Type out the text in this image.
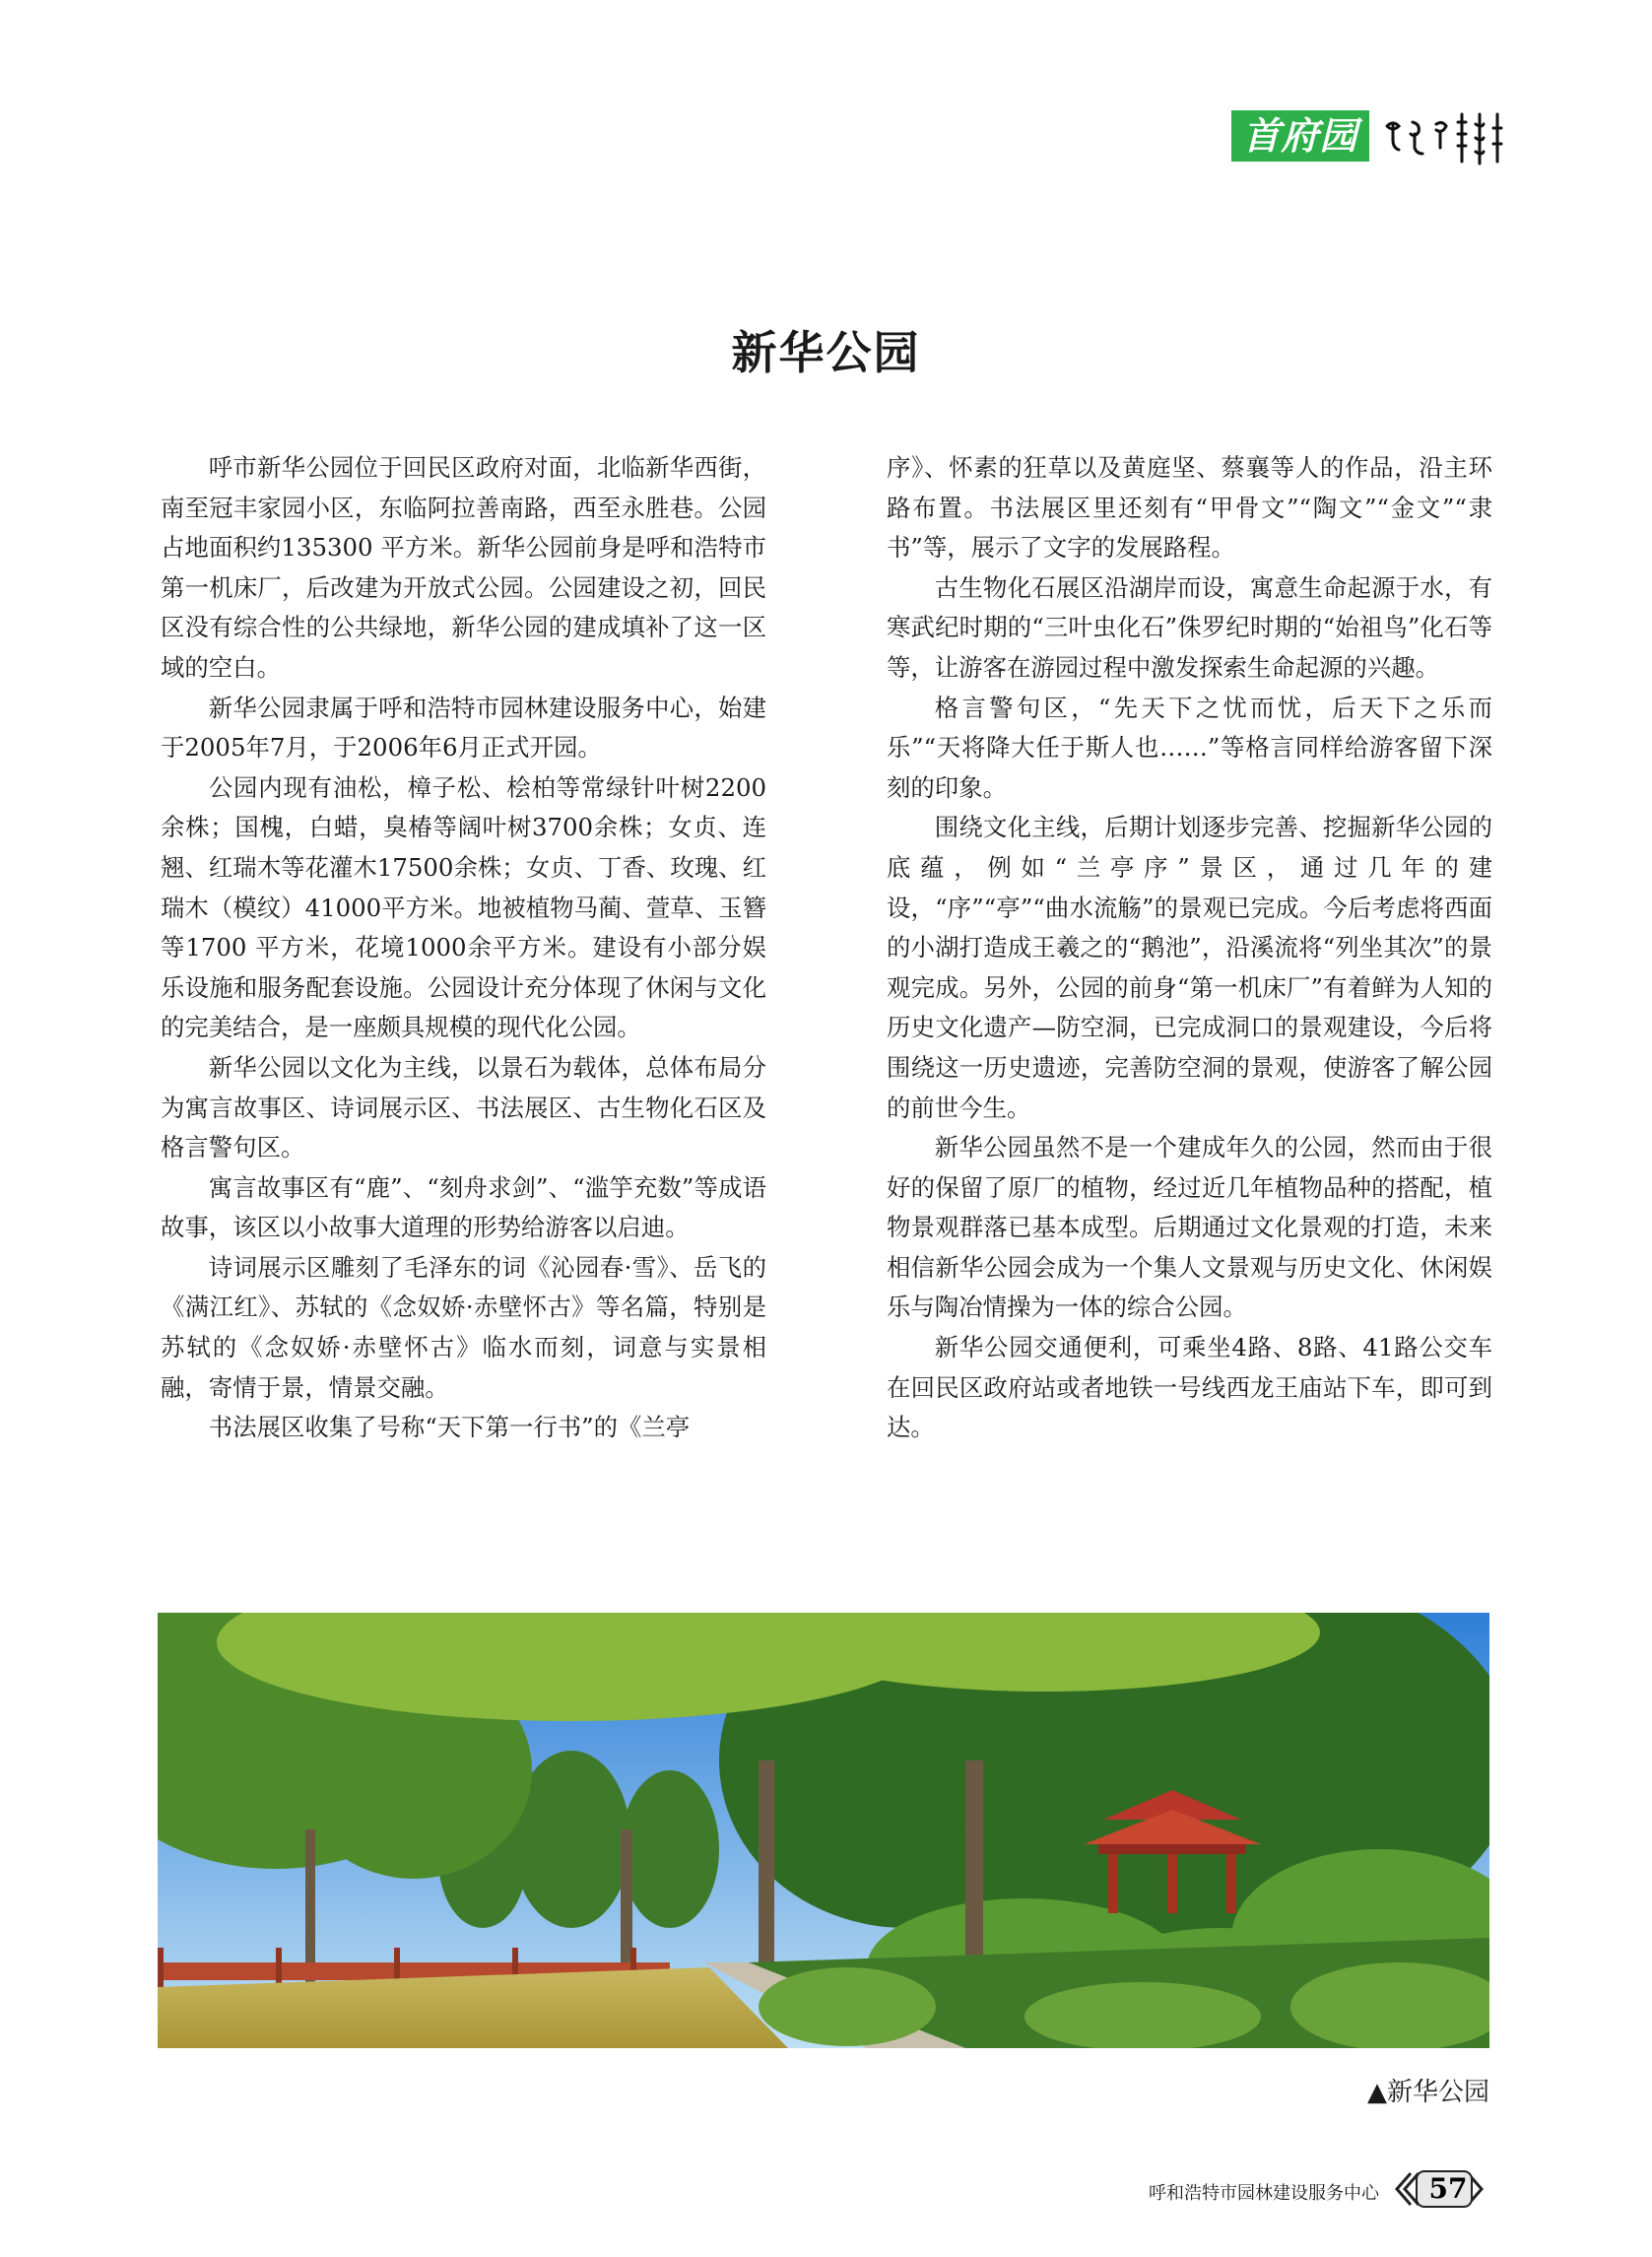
首府园林
新华公园

呼市新华公园位于回民区政府对面，北临新华西街，南至冠丰家园小区，东临阿拉善南路，西至永胜巷。公园占地面积约135300 平方米。新华公园前身是呼和浩特市第一机床厂，后改建为开放式公园。公园建设之初，回民区没有综合性的公共绿地，新华公园的建成填补了这一区域的空白。

新华公园隶属于呼和浩特市园林建设服务中心，始建于2005年7月，于2006年6月正式开园。

公园内现有油松，樟子松、桧柏等常绿针叶树2200余株；国槐，白蜡，臭椿等阔叶树3700余株；女贞、连翘、红瑞木等花灌木17500余株；女贞、丁香、玫瑰、红瑞木（模纹）41000平方米。地被植物马蔺、萱草、玉簪等1700 平方米，花境1000余平方米。建设有小部分娱乐设施和服务配套设施。公园设计充分体现了休闲与文化的完美结合，是一座颇具规模的现代化公园。

新华公园以文化为主线，以景石为载体，总体布局分为寓言故事区、诗词展示区、书法展区、古生物化石区及格言警句区。

寓言故事区有“鹿”、“刻舟求剑”、“滥竽充数”等成语故事，该区以小故事大道理的形势给游客以启迪。

诗词展示区雕刻了毛泽东的词《沁园春·雪》、岳飞的《满江红》、苏轼的《念奴娇·赤壁怀古》等名篇，特别是苏轼的《念奴娇·赤壁怀古》临水而刻，词意与实景相融，寄情于景，情景交融。

书法展区收集了号称“天下第一行书”的《兰亭

序》、怀素的狂草以及黄庭坚、蔡襄等人的作品，沿主环路布置。书法展区里还刻有“甲骨文”“陶文”“金文”“隶书”等，展示了文字的发展路程。

古生物化石展区沿湖岸而设，寓意生命起源于水，有寒武纪时期的“三叶虫化石”侏罗纪时期的“始祖鸟”化石等等，让游客在游园过程中激发探索生命起源的兴趣。

格言警句区，“先天下之忧而忧，后天下之乐而乐”“天将降大任于斯人也……”等格言同样给游客留下深刻的印象。

围绕文化主线，后期计划逐步完善、挖掘新华公园的底蕴，例如“兰亭序”景区，通过几年的建设，“序”“亭”“曲水流觞”的景观已完成。今后考虑将西面的小湖打造成王羲之的“鹅池”，沿溪流将“列坐其次”的景观完成。另外，公园的前身“第一机床厂”有着鲜为人知的历史文化遗产—防空洞，已完成洞口的景观建设，今后将围绕这一历史遗迹，完善防空洞的景观，使游客了解公园的前世今生。

新华公园虽然不是一个建成年久的公园，然而由于很好的保留了原厂的植物，经过近几年植物品种的搭配，植物景观群落已基本成型。后期通过文化景观的打造，未来相信新华公园会成为一个集人文景观与历史文化、休闲娱乐与陶冶情操为一体的综合公园。

新华公园交通便利，可乘坐4路、8路、41路公交车在回民区政府站或者地铁一号线西龙王庙站下车，即可到达。

▲新华公园
呼和浩特市园林建设服务中心	57
